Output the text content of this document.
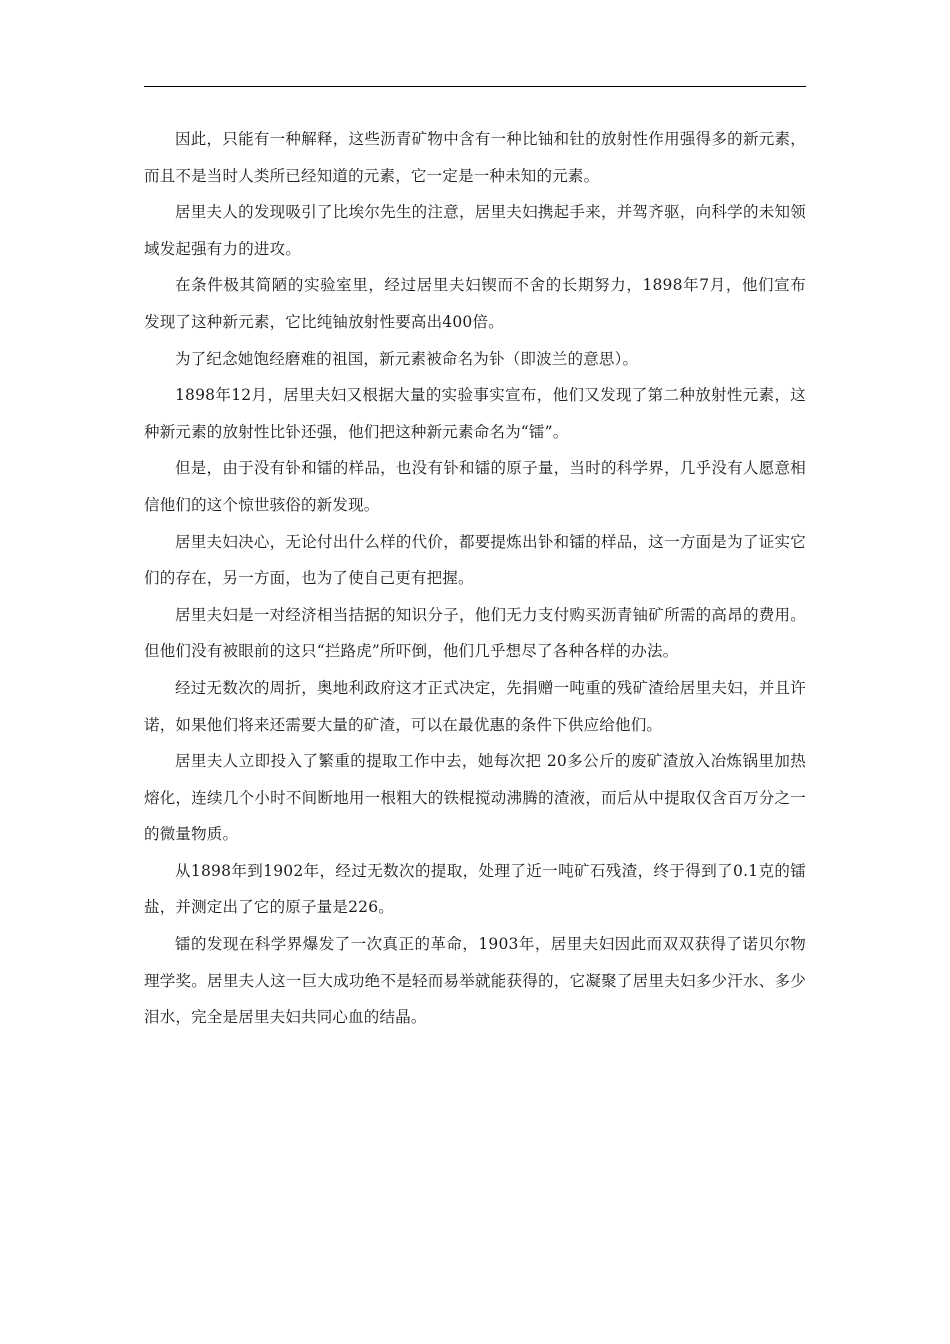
因此，只能有一种解释，这些沥青矿物中含有一种比铀和钍的放射性作用强得多的新元素，而且不是当时人类所已经知道的元素，它一定是一种未知的元素。

居里夫人的发现吸引了比埃尔先生的注意，居里夫妇携起手来，并驾齐驱，向科学的未知领域发起强有力的进攻。

在条件极其简陋的实验室里，经过居里夫妇锲而不舍的长期努力，1898年7月，他们宣布发现了这种新元素，它比纯铀放射性要高出400倍。

为了纪念她饱经磨难的祖国，新元素被命名为钋（即波兰的意思）。

1898年12月，居里夫妇又根据大量的实验事实宣布，他们又发现了第二种放射性元素，这种新元素的放射性比钋还强，他们把这种新元素命名为“镭”。

但是，由于没有钋和镭的样品，也没有钋和镭的原子量，当时的科学界，几乎没有人愿意相信他们的这个惊世骇俗的新发现。

居里夫妇决心，无论付出什么样的代价，都要提炼出钋和镭的样品，这一方面是为了证实它们的存在，另一方面，也为了使自己更有把握。

居里夫妇是一对经济相当拮据的知识分子，他们无力支付购买沥青铀矿所需的高昂的费用。但他们没有被眼前的这只“拦路虎”所吓倒，他们几乎想尽了各种各样的办法。

经过无数次的周折，奥地利政府这才正式决定，先捐赠一吨重的残矿渣给居里夫妇，并且许诺，如果他们将来还需要大量的矿渣，可以在最优惠的条件下供应给他们。

居里夫人立即投入了繁重的提取工作中去，她每次把 20多公斤的废矿渣放入冶炼锅里加热熔化，连续几个小时不间断地用一根粗大的铁棍搅动沸腾的渣液，而后从中提取仅含百万分之一的微量物质。

从1898年到1902年，经过无数次的提取，处理了近一吨矿石残渣，终于得到了0.1克的镭盐，并测定出了它的原子量是226。

镭的发现在科学界爆发了一次真正的革命，1903年，居里夫妇因此而双双获得了诺贝尔物理学奖。居里夫人这一巨大成功绝不是轻而易举就能获得的，它凝聚了居里夫妇多少汗水、多少泪水，完全是居里夫妇共同心血的结晶。
